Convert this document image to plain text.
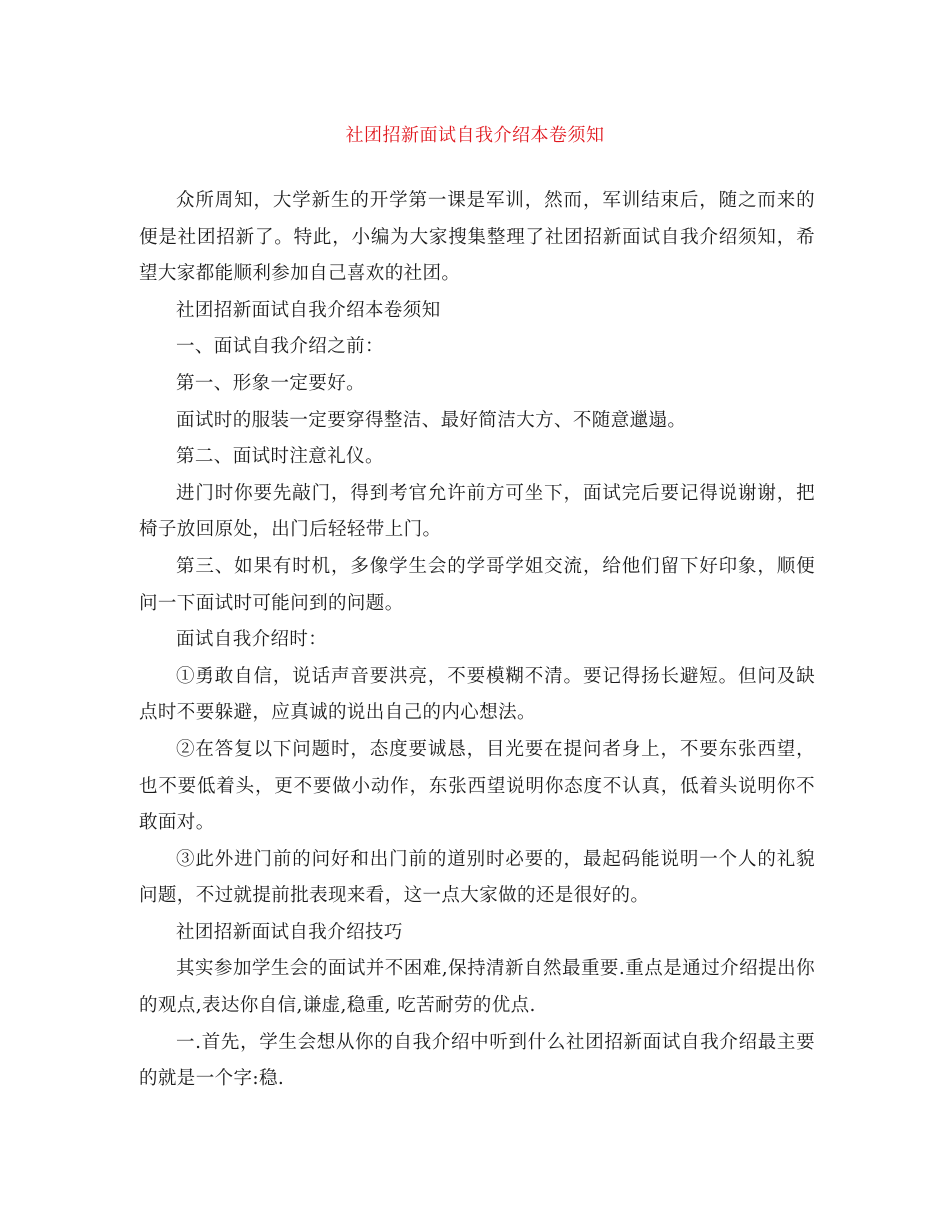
社团招新面试自我介绍本卷须知

众所周知，大学新生的开学第一课是军训，然而，军训结束后，随之而来的便是社团招新了。特此，小编为大家搜集整理了社团招新面试自我介绍须知，希望大家都能顺利参加自己喜欢的社团。

社团招新面试自我介绍本卷须知

一、面试自我介绍之前：

第一、形象一定要好。

面试时的服装一定要穿得整洁、最好简洁大方、不随意邋遢。

第二、面试时注意礼仪。

进门时你要先敲门，得到考官允许前方可坐下，面试完后要记得说谢谢，把椅子放回原处，出门后轻轻带上门。

第三、如果有时机，多像学生会的学哥学姐交流，给他们留下好印象，顺便问一下面试时可能问到的问题。

面试自我介绍时：

①勇敢自信，说话声音要洪亮，不要模糊不清。要记得扬长避短。但问及缺点时不要躲避，应真诚的说出自己的内心想法。

②在答复以下问题时，态度要诚恳，目光要在提问者身上，不要东张西望，也不要低着头，更不要做小动作，东张西望说明你态度不认真，低着头说明你不敢面对。

③此外进门前的问好和出门前的道别时必要的，最起码能说明一个人的礼貌问题，不过就提前批表现来看，这一点大家做的还是很好的。

社团招新面试自我介绍技巧

其实参加学生会的面试并不困难,保持清新自然最重要.重点是通过介绍提出你的观点,表达你自信,谦虚,稳重, 吃苦耐劳的优点.

一.首先，学生会想从你的自我介绍中听到什么社团招新面试自我介绍最主要的就是一个字:稳.
